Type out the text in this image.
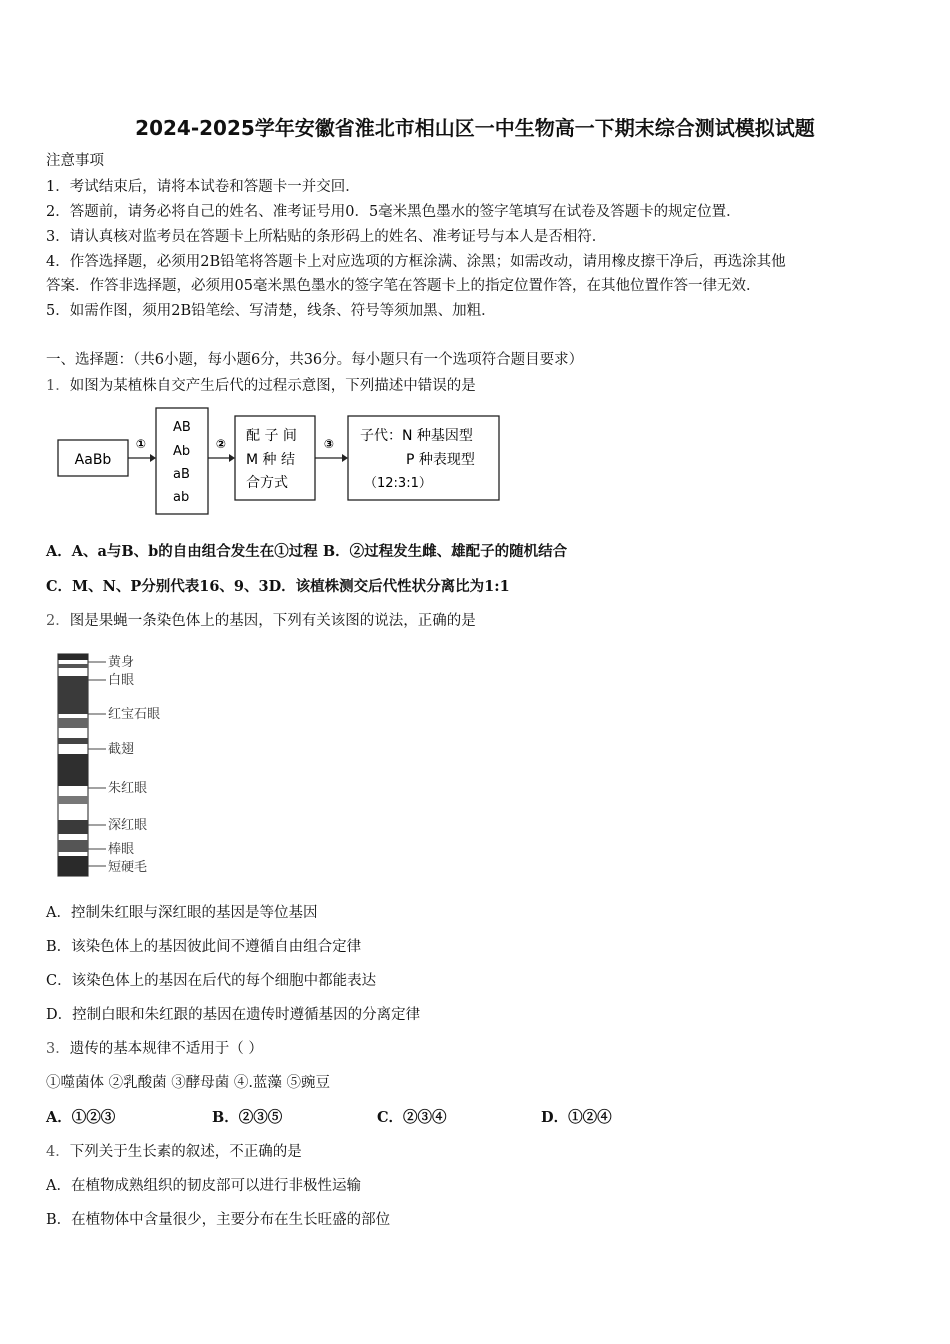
2024-2025学年安徽省淮北市相山区一中生物高一下期末综合测试模拟试题
注意事项
1．考试结束后，请将本试卷和答题卡一并交回．
2．答题前，请务必将自己的姓名、准考证号用0．5毫米黑色墨水的签字笔填写在试卷及答题卡的规定位置．
3．请认真核对监考员在答题卡上所粘贴的条形码上的姓名、准考证号与本人是否相符．
4．作答选择题，必须用2B铅笔将答题卡上对应选项的方框涂满、涂黑；如需改动，请用橡皮擦干净后，再选涂其他
答案．作答非选择题，必须用05毫米黑色墨水的签字笔在答题卡上的指定位置作答，在其他位置作答一律无效．
5．如需作图，须用2B铅笔绘、写清楚，线条、符号等须加黑、加粗．
一、选择题：（共6小题，每小题6分，共36分。每小题只有一个选项符合题目要求）
1．如图为某植株自交产生后代的过程示意图，下列描述中错误的是
AaBb
①
AB
Ab
aB
ab
② 配 子 间
M 种 结
合方式
③ 子代：N 种基因型
P 种表现型
（12:3:1）
A．A、a与B、b的自由组合发生在①过程 B．②过程发生雌、雄配子的随机结合
C．M、N、P分别代表16、9、3D．该植株测交后代性状分离比为1:1
2．图是果蝇一条染色体上的基因，下列有关该图的说法，正确的是
黄身
白眼
红宝石眼
截翅
朱红眼
深红眼
棒眼
短硬毛
A．控制朱红眼与深红眼的基因是等位基因
B．该染色体上的基因彼此间不遵循自由组合定律
C．该染色体上的基因在后代的每个细胞中都能表达
D．控制白眼和朱红跟的基因在遗传时遵循基因的分离定律
3．遗传的基本规律不适用于（ ）
①噬菌体 ②乳酸菌 ③酵母菌 ④.蓝藻 ⑤豌豆
A．①②③	B．②③⑤	C．②③④	D．①②④
4．下列关于生长素的叙述，不正确的是
A．在植物成熟组织的韧皮部可以进行非极性运输
B．在植物体中含量很少，主要分布在生长旺盛的部位
